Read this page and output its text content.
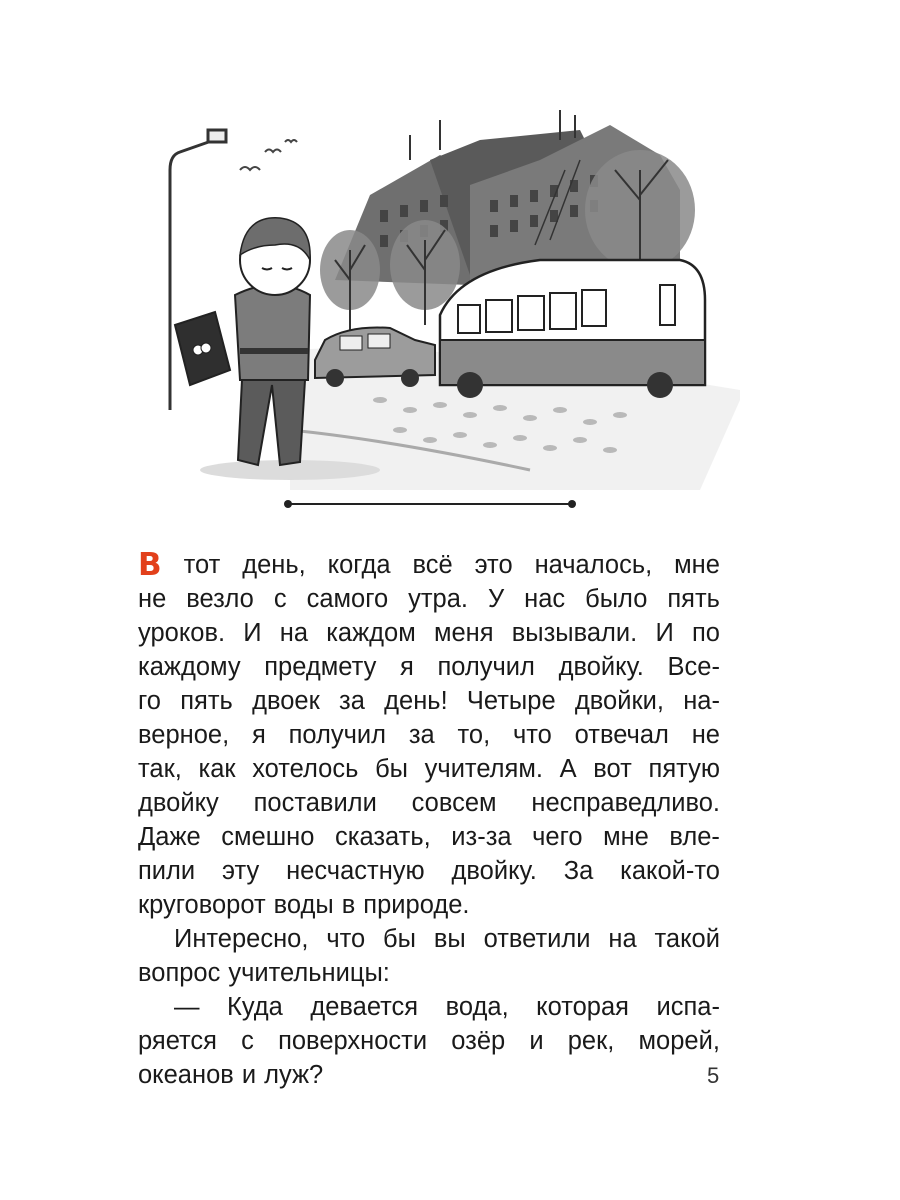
В тот день, когда всё это началось, мне
не везло с самого утра. У нас было пять
уроков. И на каждом меня вызывали. И по
каждому предмету я получил двойку. Все-
го пять двоек за день! Четыре двойки, на-
верное, я получил за то, что отвечал не
так, как хотелось бы учителям. А вот пятую
двойку поставили совсем несправедливо.
Даже смешно сказать, из-за чего мне вле-
пили эту несчастную двойку. За какой-то
круговорот воды в природе.
Интересно, что бы вы ответили на такой
вопрос учительницы:
— Куда девается вода, которая испа-
ряется с поверхности озёр и рек, морей,
океанов и луж?	5
